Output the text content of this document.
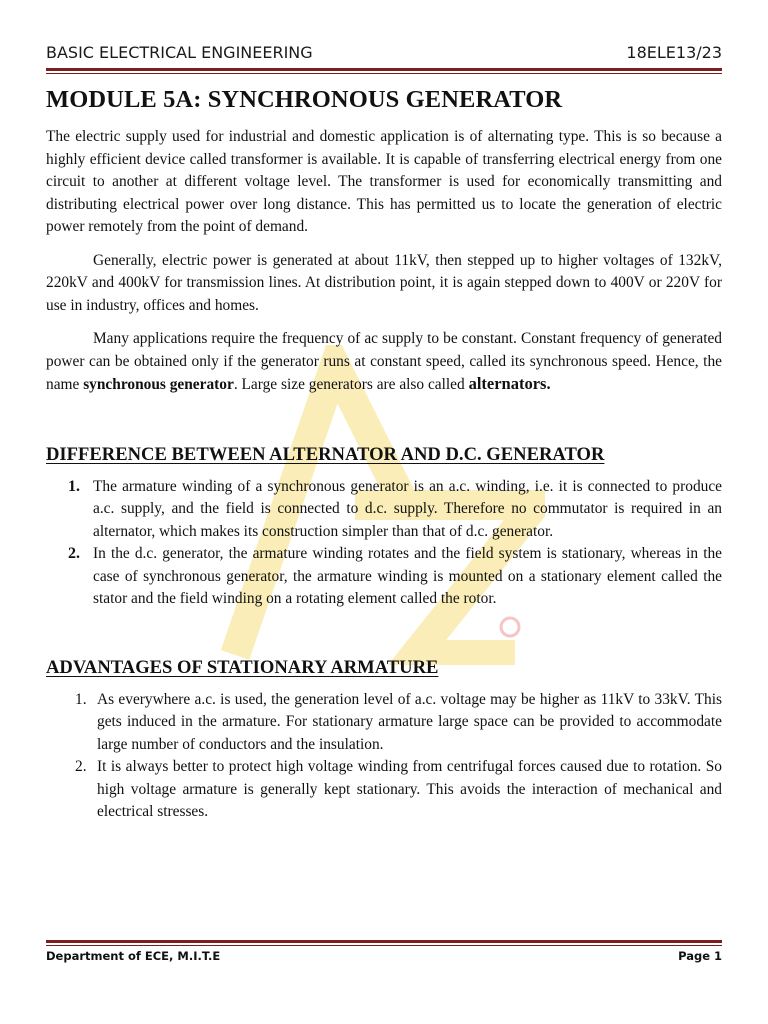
BASIC ELECTRICAL ENGINEERING	18ELE13/23
MODULE 5A: SYNCHRONOUS GENERATOR

The electric supply used for industrial and domestic application is of alternating type. This is so because a highly efficient device called transformer is available. It is capable of transferring electrical energy from one circuit to another at different voltage level. The transformer is used for economically transmitting and distributing electrical power over long distance. This has permitted us to locate the generation of electric power remotely from the point of demand.

Generally, electric power is generated at about 11kV, then stepped up to higher voltages of 132kV, 220kV and 400kV for transmission lines. At distribution point, it is again stepped down to 400V or 220V for use in industry, offices and homes.

Many applications require the frequency of ac supply to be constant. Constant frequency of generated power can be obtained only if the generator runs at constant speed, called its synchronous speed. Hence, the name synchronous generator. Large size generators are also called alternators.

DIFFERENCE BETWEEN ALTERNATOR AND D.C. GENERATOR
1. The armature winding of a synchronous generator is an a.c. winding, i.e. it is connected to produce a.c. supply, and the field is connected to d.c. supply. Therefore no commutator is required in an alternator, which makes its construction simpler than that of d.c. generator.
2. In the d.c. generator, the armature winding rotates and the field system is stationary, whereas in the case of synchronous generator, the armature winding is mounted on a stationary element called the stator and the field winding on a rotating element called the rotor.
ADVANTAGES OF STATIONARY ARMATURE
1. As everywhere a.c. is used, the generation level of a.c. voltage may be higher as 11kV to 33kV. This gets induced in the armature. For stationary armature large space can be provided to accommodate large number of conductors and the insulation.
2. It is always better to protect high voltage winding from centrifugal forces caused due to rotation. So high voltage armature is generally kept stationary. This avoids the interaction of mechanical and electrical stresses.
Department of ECE, M.I.T.E	Page 1
